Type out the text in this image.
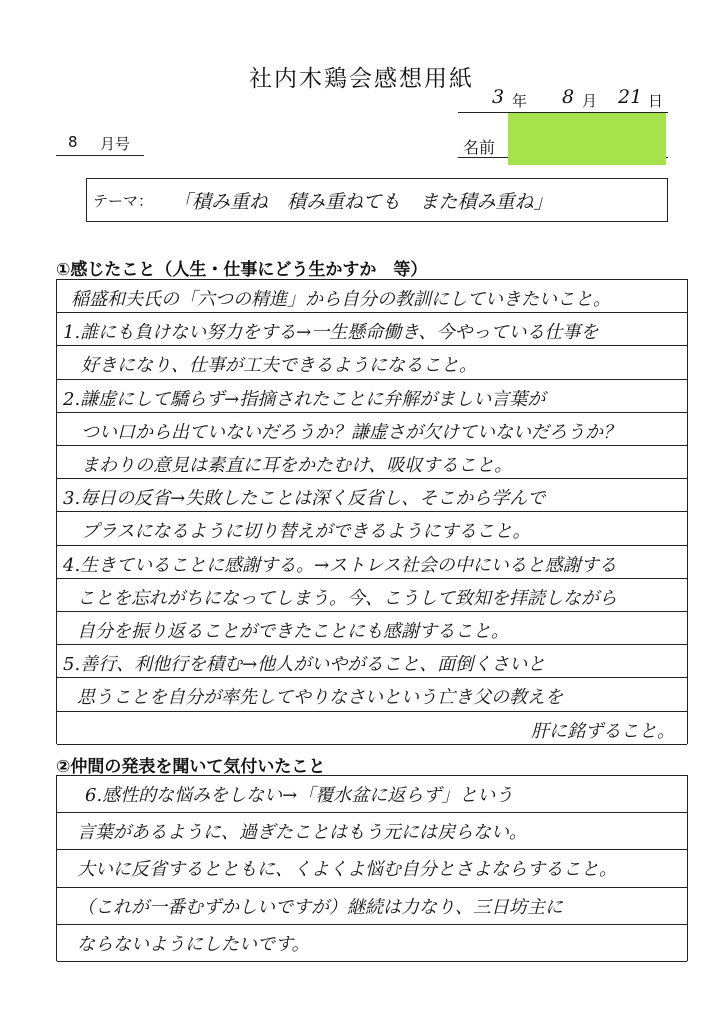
社内木鶏会感想用紙
3 年 8 月 21 日
8 月号	名前
テーマ： 「積み重ね　積み重ねても　また積み重ね」
①感じたこと（人生・仕事にどう生かすか　等）
稲盛和夫氏の「六つの精進」から自分の教訓にしていきたいこと。
1.誰にも負けない努力をする→一生懸命働き、今やっている仕事を
好きになり、仕事が工夫できるようになること。
2.謙虚にして驕らず→指摘されたことに弁解がましい言葉が
つい口から出ていないだろうか？謙虚さが欠けていないだろうか？
まわりの意見は素直に耳をかたむけ、吸収すること。
3.毎日の反省→失敗したことは深く反省し、そこから学んで
プラスになるように切り替えができるようにすること。
4.生きていることに感謝する。→ストレス社会の中にいると感謝する
ことを忘れがちになってしまう。今、こうして致知を拝読しながら
自分を振り返ることができたことにも感謝すること。
5.善行、利他行を積む→他人がいやがること、面倒くさいと
思うことを自分が率先してやりなさいという亡き父の教えを
肝に銘ずること。
②仲間の発表を聞いて気付いたこと
6.感性的な悩みをしない→「覆水盆に返らず」という
言葉があるように、過ぎたことはもう元には戻らない。
大いに反省するとともに、くよくよ悩む自分とさよならすること。
（これが一番むずかしいですが）継続は力なり、三日坊主に
ならないようにしたいです。
